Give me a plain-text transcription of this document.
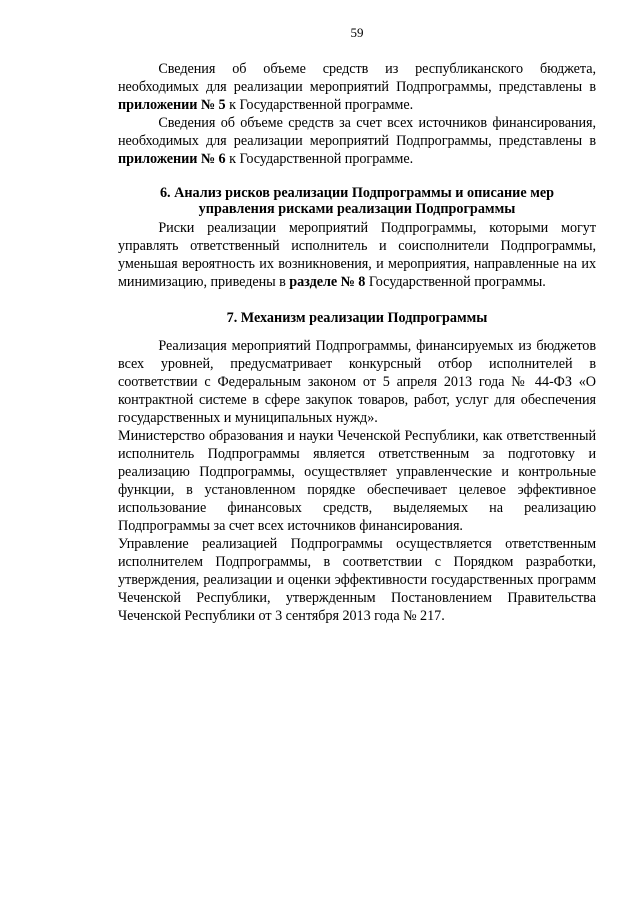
59

Сведения об объеме средств из республиканского бюджета, необходимых для реализации мероприятий Подпрограммы, представлены в приложении № 5 к Государственной программе.

Сведения об объеме средств за счет всех источников финансирования, необходимых для реализации мероприятий Подпрограммы, представлены в приложении № 6 к Государственной программе.

6. Анализ рисков реализации Подпрограммы и описание мер
управления рисками реализации Подпрограммы

Риски реализации мероприятий Подпрограммы, которыми могут управлять ответственный исполнитель и соисполнители Подпрограммы, уменьшая вероятность их возникновения, и мероприятия, направленные на их минимизацию, приведены в разделе № 8 Государственной программы.

7. Механизм реализации Подпрограммы

Реализация мероприятий Подпрограммы, финансируемых из бюджетов всех уровней, предусматривает конкурсный отбор исполнителей в соответствии с Федеральным законом от 5 апреля 2013 года № 44-ФЗ «О контрактной системе в сфере закупок товаров, работ, услуг для обеспечения государственных и муниципальных нужд».

Министерство образования и науки Чеченской Республики, как ответственный исполнитель Подпрограммы является ответственным за подготовку и реализацию Подпрограммы, осуществляет управленческие и контрольные функции, в установленном порядке обеспечивает целевое эффективное использование финансовых средств, выделяемых на реализацию Подпрограммы за счет всех источников финансирования.

Управление реализацией Подпрограммы осуществляется ответственным исполнителем Подпрограммы, в соответствии с Порядком разработки, утверждения, реализации и оценки эффективности государственных программ Чеченской Республики, утвержденным Постановлением Правительства Чеченской Республики от 3 сентября 2013 года № 217.
